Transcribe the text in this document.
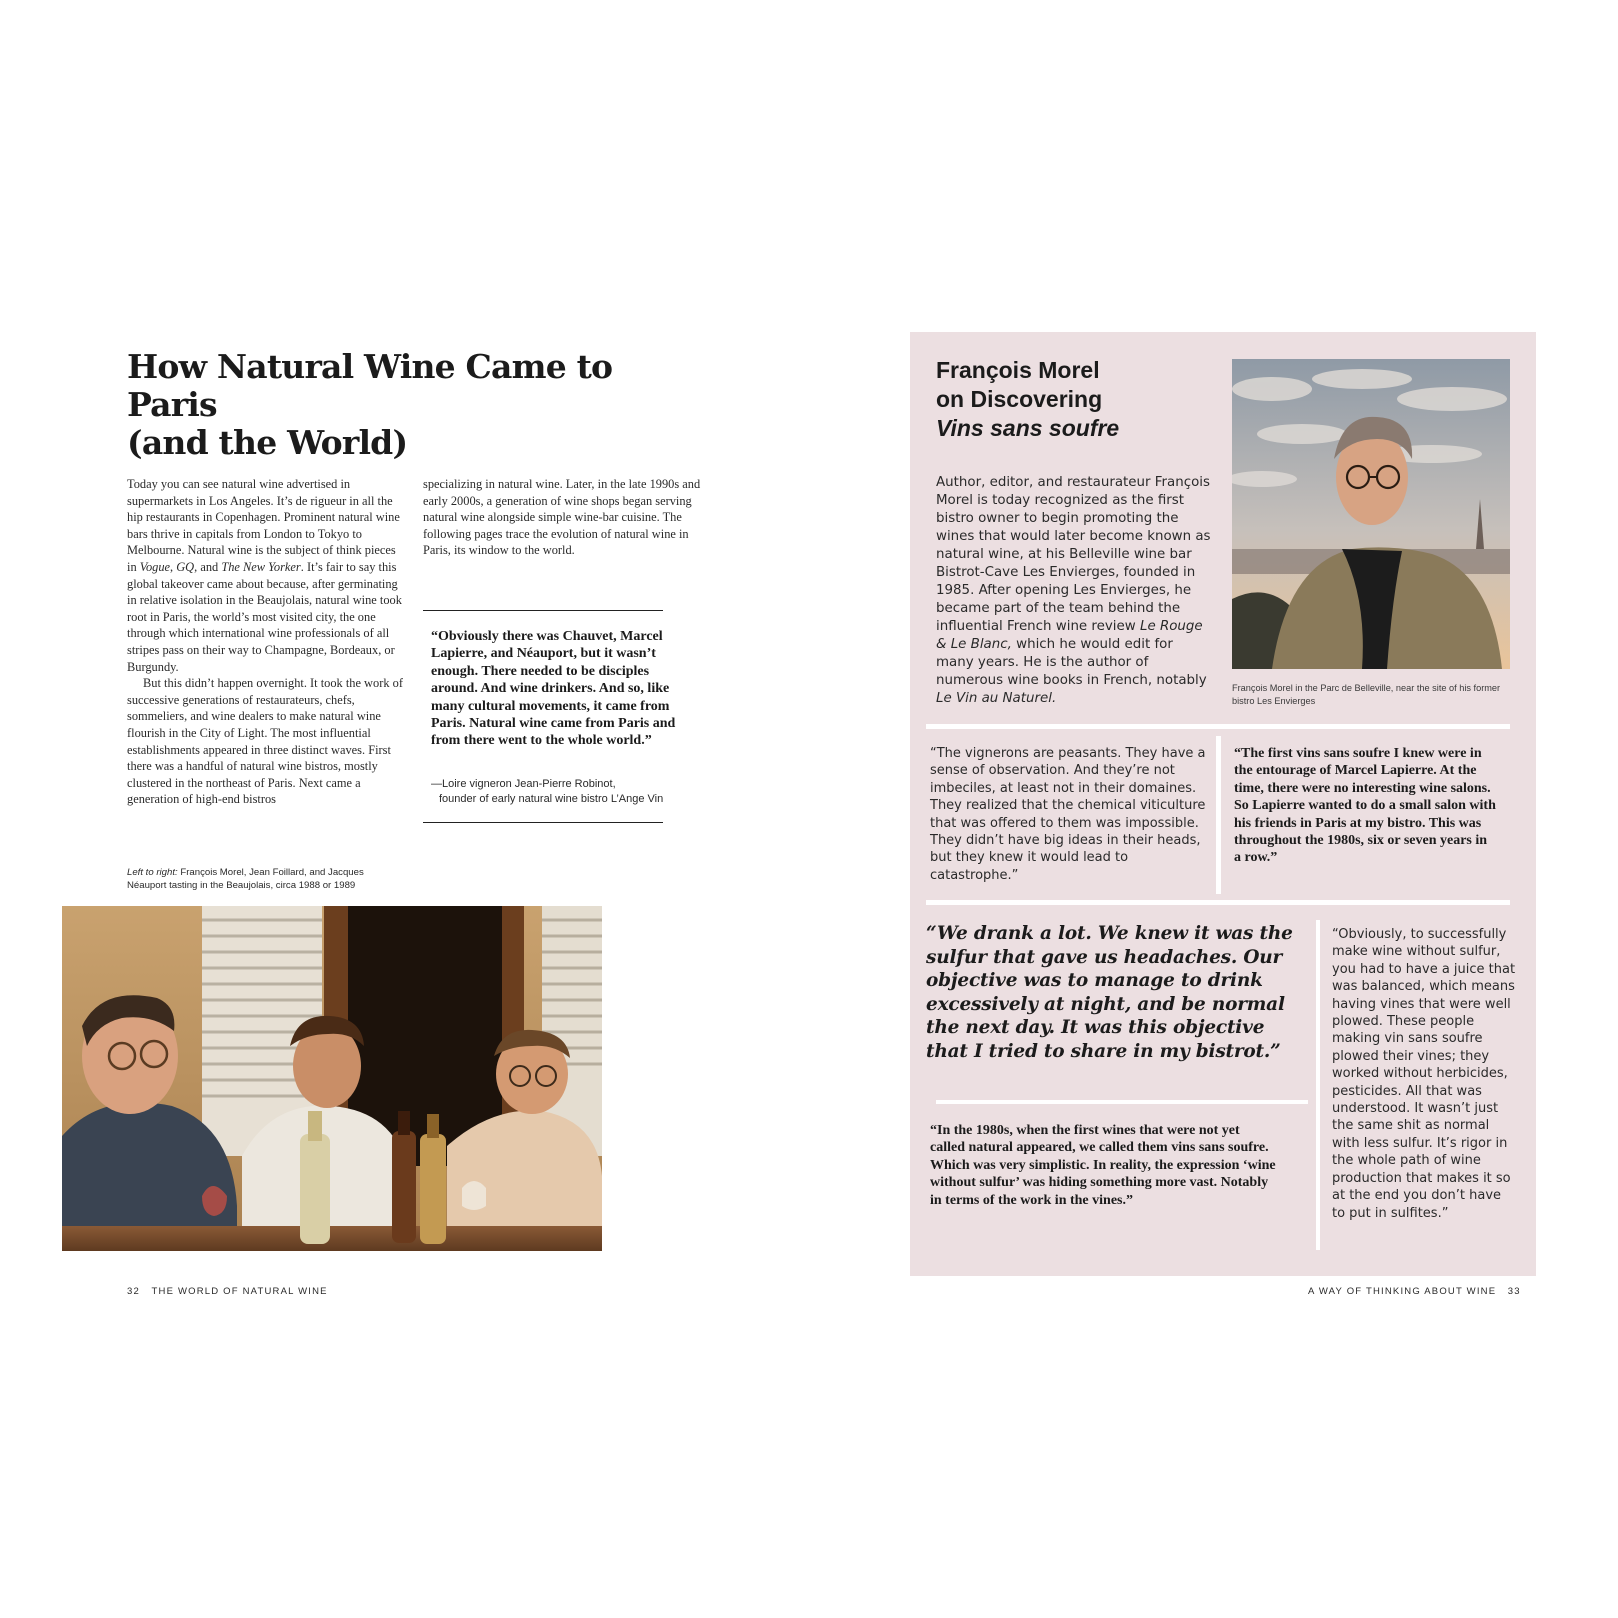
How Natural Wine Came to Paris
(and the World)

Today you can see natural wine advertised in supermarkets in Los Angeles. It’s de rigueur in all the hip restaurants in Copenhagen. Prominent natural wine bars thrive in capitals from London to Tokyo to Melbourne. Natural wine is the subject of think pieces in Vogue, GQ, and The New Yorker. It’s fair to say this global takeover came about because, after germinating in relative isolation in the Beaujolais, natural wine took root in Paris, the world’s most visited city, the one through which international wine professionals of all stripes pass on their way to Champagne, Bordeaux, or Burgundy.

But this didn’t happen overnight. It took the work of successive generations of restaurateurs, chefs, sommeliers, and wine dealers to make natural wine flourish in the City of Light. The most influential establishments appeared in three distinct waves. First there was a handful of natural wine bistros, mostly clustered in the northeast of Paris. Next came a generation of high-end bistros

specializing in natural wine. Later, in the late 1990s and early 2000s, a generation of wine shops began serving natural wine alongside simple wine-bar cuisine. The following pages trace the evolution of natural wine in Paris, its window to the world.

“Obviously there was Chauvet, Marcel Lapierre, and Néauport, but it wasn’t enough. There needed to be disciples around. And wine drinkers. And so, like many cultural movements, it came from Paris. Natural wine came from Paris and from there went to the whole world.”

—Loire vigneron Jean-Pierre Robinot,
founder of early natural wine bistro L’Ange Vin
Left to right: François Morel, Jean Foillard, and Jacques Néauport tasting in the Beaujolais, circa 1988 or 1989
32 THE WORLD OF NATURAL WINE
François Morel
on Discovering
Vins sans soufre

Author, editor, and restaurateur François Morel is today recognized as the first bistro owner to begin promoting the wines that would later become known as natural wine, at his Belleville wine bar Bistrot-Cave Les Envierges, founded in 1985. After opening Les Envierges, he became part of the team behind the influential French wine review Le Rouge & Le Blanc, which he would edit for many years. He is the author of numerous wine books in French, notably Le Vin au Naturel.

François Morel in the Parc de Belleville, near the site of his former bistro Les Envierges

“The vignerons are peasants. They have a sense of observation. And they’re not imbeciles, at least not in their domaines. They realized that the chemical viticulture that was offered to them was impossible. They didn’t have big ideas in their heads, but they knew it would lead to catastrophe.”

“The first vins sans soufre I knew were in the entourage of Marcel Lapierre. At the time, there were no interesting wine salons. So Lapierre wanted to do a small salon with his friends in Paris at my bistro. This was throughout the 1980s, six or seven years in a row.”

“We drank a lot. We knew it was the sulfur that gave us headaches. Our objective was to manage to drink excessively at night, and be normal the next day. It was this objective that I tried to share in my bistrot.”

“In the 1980s, when the first wines that were not yet called natural appeared, we called them vins sans soufre. Which was very simplistic. In reality, the expression ‘wine without sulfur’ was hiding something more vast. Notably in terms of the work in the vines.”

“Obviously, to successfully make wine without sulfur, you had to have a juice that was balanced, which means having vines that were well plowed. These people making vin sans soufre plowed their vines; they worked without herbicides, pesticides. All that was understood. It wasn’t just the same shit as normal with less sulfur. It’s rigor in the whole path of wine production that makes it so at the end you don’t have to put in sulfites.”

A WAY OF THINKING ABOUT WINE 33
